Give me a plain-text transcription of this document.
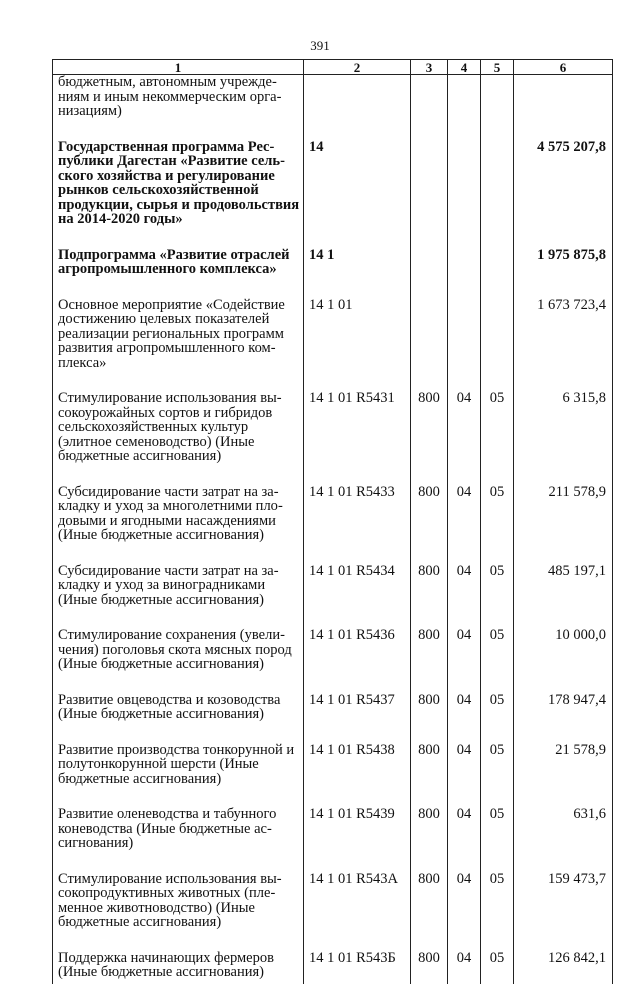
391
1	2	3	4	5	6
бюджетным, автономным учреждениям и иным некоммерческим организациям)					
Государственная программа Республики Дагестан «Развитие сельского хозяйства и регулирование рынков сельскохозяйственной продукции, сырья и продовольствия на 2014-2020 годы»	14				4 575 207,8
Подпрограмма «Развитие отраслей агропромышленного комплекса»	14 1				1 975 875,8
Основное мероприятие «Содействие достижению целевых показателей реализации региональных программ развития агропромышленного комплекса»	14 1 01				1 673 723,4
Стимулирование использования высокоурожайных сортов и гибридов сельскохозяйственных культур (элитное семеноводство) (Иные бюджетные ассигнования)	14 1 01 R5431	800	04	05	6 315,8
Субсидирование части затрат на закладку и уход за многолетними плодовыми и ягодными насаждениями (Иные бюджетные ассигнования)	14 1 01 R5433	800	04	05	211 578,9
Субсидирование части затрат на закладку и уход за виноградниками (Иные бюджетные ассигнования)	14 1 01 R5434	800	04	05	485 197,1
Стимулирование сохранения (увеличения) поголовья скота мясных пород (Иные бюджетные ассигнования)	14 1 01 R5436	800	04	05	10 000,0
Развитие овцеводства и козоводства (Иные бюджетные ассигнования)	14 1 01 R5437	800	04	05	178 947,4
Развитие производства тонкорунной и полутонкорунной шерсти (Иные бюджетные ассигнования)	14 1 01 R5438	800	04	05	21 578,9
Развитие оленеводства и табунного коневодства (Иные бюджетные ассигнования)	14 1 01 R5439	800	04	05	631,6
Стимулирование использования высокопродуктивных животных (племенное животноводство) (Иные бюджетные ассигнования)	14 1 01 R543А	800	04	05	159 473,7
Поддержка начинающих фермеров (Иные бюджетные ассигнования)	14 1 01 R543Б	800	04	05	126 842,1
